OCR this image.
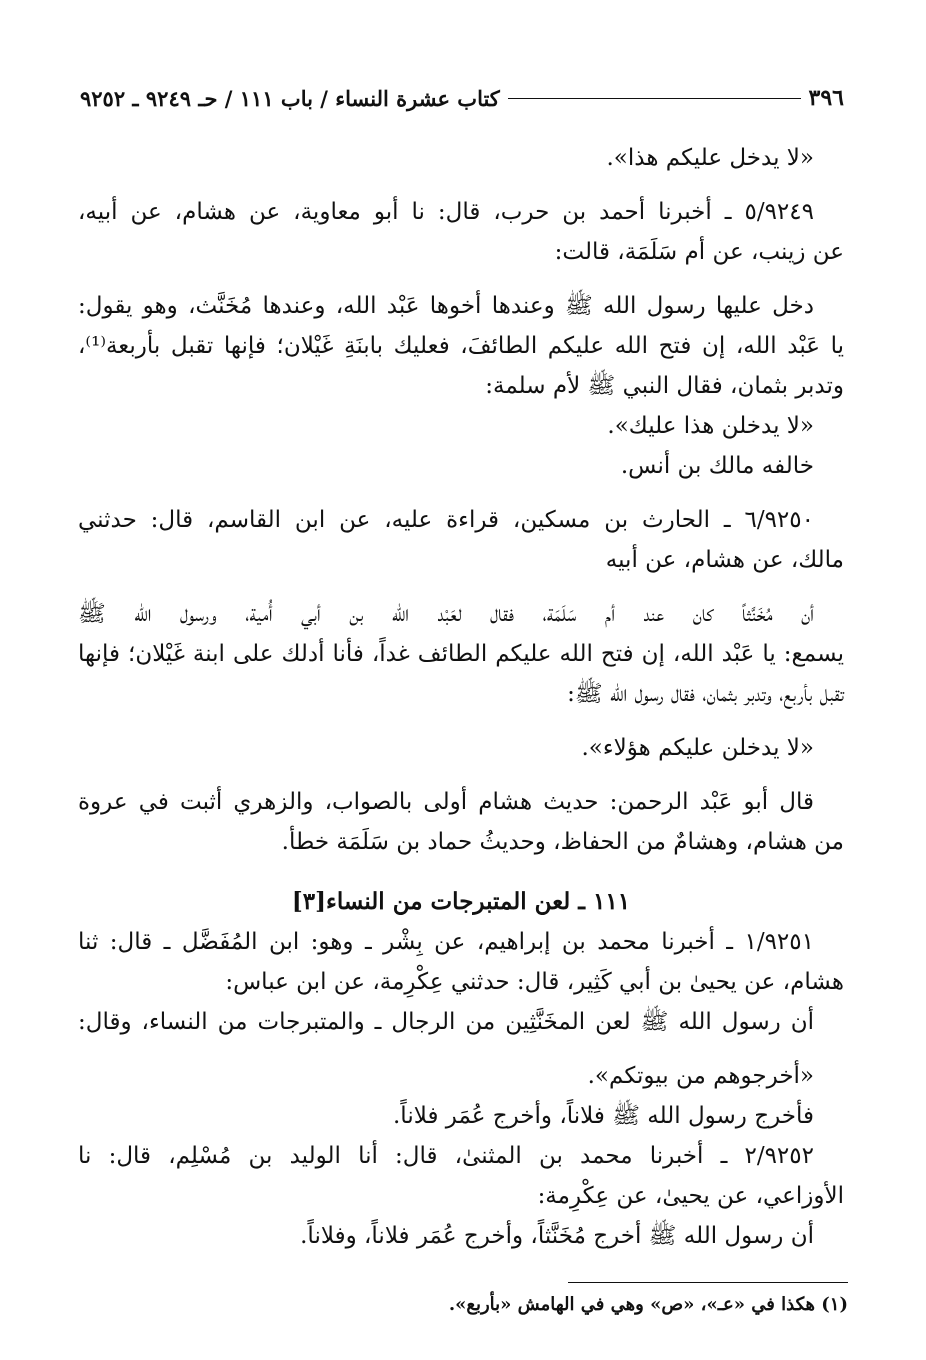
٣٩٦
كتاب عشرة النساء / باب ١١١ / حـ ٩٢٤٩ ـ ٩٢٥٢
«لا يدخل عليكم هذا».
٥/٩٢٤٩ ـ أخبرنا أحمد بن حرب، قال: نا أبو معاوية، عن هشام، عن أبيه،
عن زينب، عن أم سَلَمَة، قالت:
دخل عليها رسول الله ﷺ وعندها أخوها عَبْد الله، وعندها مُخَنَّث، وهو يقول:
يا عَبْد الله، إن فتح الله عليكم الطائفَ، فعليك بابنَةِ غَيْلان؛ فإنها تقبل بأربعة⁽¹⁾،
وتدبر بثمان، فقال النبي ﷺ لأم سلمة:
«لا يدخلن هذا عليك».
خالفه مالك بن أنس.
٦/٩٢٥٠ ـ الحارث بن مسكين، قراءة عليه، عن ابن القاسم، قال: حدثني
مالك، عن هشام، عن أبيه
أن مُخَنَّثاً كان عند أم سَلَمَة، فقال لعَبْد الله بن أبي أُمية، ورسول الله ﷺ
يسمع: يا عَبْد الله، إن فتح الله عليكم الطائف غداً، فأنا أدلك على ابنة غَيْلان؛ فإنها
تقبل بأربع، وتدبر بثمان، فقال رسول الله ﷺ:
«لا يدخلن عليكم هؤلاء».
قال أبو عَبْد الرحمن: حديث هشام أولى بالصواب، والزهري أثبت في عروة
من هشام، وهشامٌ من الحفاظ، وحديثُ حماد بن سَلَمَة خطأ.
١١١ ـ لعن المتبرجات من النساء[٣]
١/٩٢٥١ ـ أخبرنا محمد بن إبراهيم، عن بِشْر ـ وهو: ابن المُفَضَّل ـ قال: ثنا
هشام، عن يحيىٰ بن أبي كَثِير، قال: حدثني عِكْرِمة، عن ابن عباس:
أن رسول الله ﷺ لعن المخَنَّثِين من الرجال ـ والمتبرجات من النساء، وقال:
«أخرجوهم من بيوتكم».
فأخرج رسول الله ﷺ فلاناً، وأخرج عُمَر فلاناً.
٢/٩٢٥٢ ـ أخبرنا محمد بن المثنىٰ، قال: أنا الوليد بن مُسْلِم، قال: نا
الأوزاعي، عن يحيىٰ، عن عِكْرِمة:
أن رسول الله ﷺ أخرج مُخَنَّثاً، وأخرج عُمَر فلاناً، وفلاناً.
(١) هكذا في «عـ»، «ص» وهي في الهامش «بأربع».
